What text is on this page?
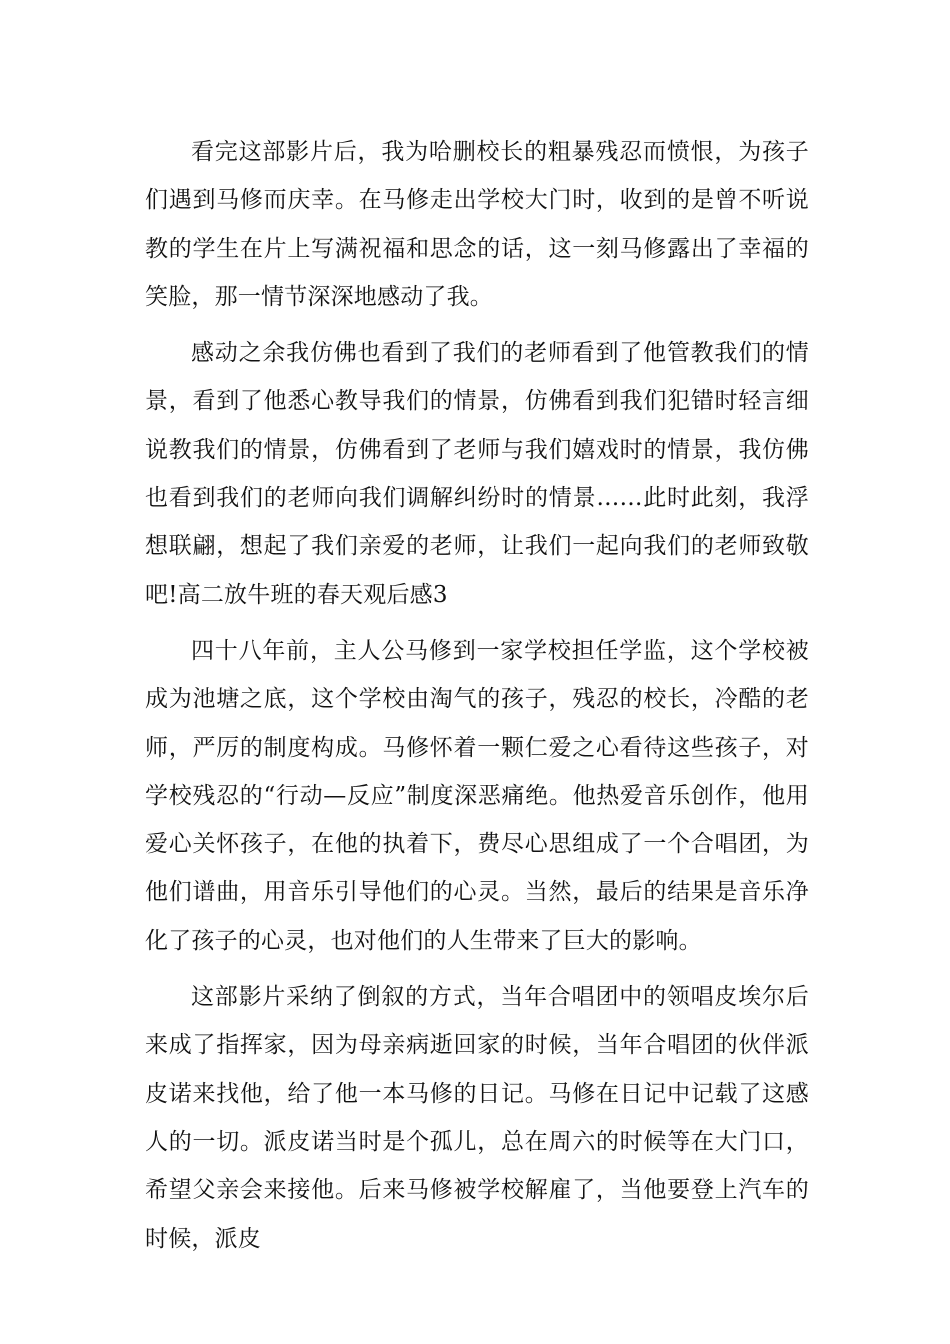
看完这部影片后，我为哈删校长的粗暴残忍而愤恨，为孩子们遇到马修而庆幸。在马修走出学校大门时，收到的是曾不听说教的学生在片上写满祝福和思念的话，这一刻马修露出了幸福的笑脸，那一情节深深地感动了我。

感动之余我仿佛也看到了我们的老师看到了他管教我们的情景，看到了他悉心教导我们的情景，仿佛看到我们犯错时轻言细说教我们的情景，仿佛看到了老师与我们嬉戏时的情景，我仿佛也看到我们的老师向我们调解纠纷时的情景……此时此刻，我浮想联翩，想起了我们亲爱的老师，让我们一起向我们的老师致敬吧!高二放牛班的春天观后感3

四十八年前，主人公马修到一家学校担任学监，这个学校被成为池塘之底，这个学校由淘气的孩子，残忍的校长，冷酷的老师，严厉的制度构成。马修怀着一颗仁爱之心看待这些孩子，对学校残忍的“行动—反应”制度深恶痛绝。他热爱音乐创作，他用爱心关怀孩子，在他的执着下，费尽心思组成了一个合唱团，为他们谱曲，用音乐引导他们的心灵。当然，最后的结果是音乐净化了孩子的心灵，也对他们的人生带来了巨大的影响。

这部影片采纳了倒叙的方式，当年合唱团中的领唱皮埃尔后来成了指挥家，因为母亲病逝回家的时候，当年合唱团的伙伴派皮诺来找他，给了他一本马修的日记。马修在日记中记载了这感人的一切。派皮诺当时是个孤儿，总在周六的时候等在大门口，希望父亲会来接他。后来马修被学校解雇了，当他要登上汽车的时候，派皮
